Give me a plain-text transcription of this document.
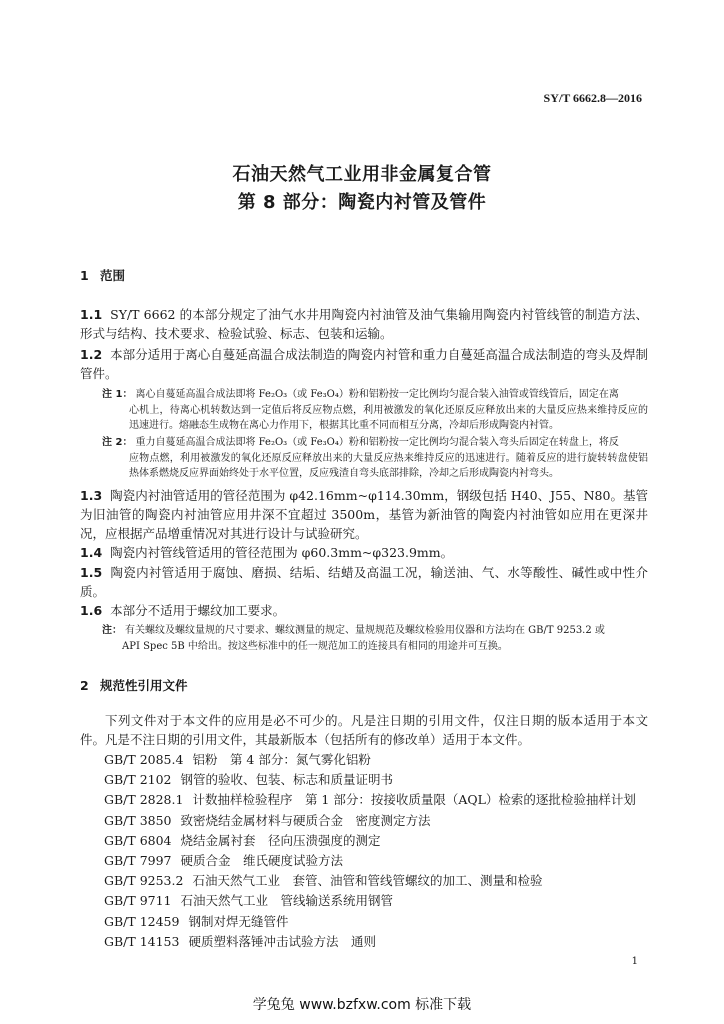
SY/T 6662.8—2016
石油天然气工业用非金属复合管
第 8 部分：陶瓷内衬管及管件
1 范围
1.1 SY/T 6662 的本部分规定了油气水井用陶瓷内衬油管及油气集输用陶瓷内衬管线管的制造方法、形式与结构、技术要求、检验试验、标志、包装和运输。
1.2 本部分适用于离心自蔓延高温合成法制造的陶瓷内衬管和重力自蔓延高温合成法制造的弯头及焊制管件。
注 1： 离心自蔓延高温合成法即将 Fe₂O₃（或 Fe₃O₄）粉和铝粉按一定比例均匀混合装入油管或管线管后，固定在离
心机上，待离心机转数达到一定值后将反应物点燃，利用被激发的氧化还原反应释放出来的大量反应热来维持反应的迅速进行。熔融态生成物在离心力作用下，根据其比重不同而相互分离，冷却后形成陶瓷内衬管。
注 2： 重力自蔓延高温合成法即将 Fe₂O₃（或 Fe₃O₄）粉和铝粉按一定比例均匀混合装入弯头后固定在转盘上，将反
应物点燃，利用被激发的氧化还原反应释放出来的大量反应热来维持反应的迅速进行。随着反应的进行旋转转盘使铝热体系燃烧反应界面始终处于水平位置，反应残渣自弯头底部排除，冷却之后形成陶瓷内衬弯头。
1.3 陶瓷内衬油管适用的管径范围为 φ42.16mm~φ114.30mm，钢级包括 H40、J55、N80。基管为旧油管的陶瓷内衬油管应用井深不宜超过 3500m，基管为新油管的陶瓷内衬油管如应用在更深井况，应根据产品增重情况对其进行设计与试验研究。
1.4 陶瓷内衬管线管适用的管径范围为 φ60.3mm~φ323.9mm。
1.5 陶瓷内衬管适用于腐蚀、磨损、结垢、结蜡及高温工况，输送油、气、水等酸性、碱性或中性介质。
1.6 本部分不适用于螺纹加工要求。
注： 有关螺纹及螺纹量规的尺寸要求、螺纹测量的规定、量规规范及螺纹检验用仪器和方法均在 GB/T 9253.2 或
API Spec 5B 中给出。按这些标准中的任一规范加工的连接具有相同的用途并可互换。
2 规范性引用文件
下列文件对于本文件的应用是必不可少的。凡是注日期的引用文件，仅注日期的版本适用于本文件。凡是不注日期的引用文件，其最新版本（包括所有的修改单）适用于本文件。
GB/T 2085.4 铝粉　第 4 部分：氮气雾化铝粉
GB/T 2102 钢管的验收、包装、标志和质量证明书
GB/T 2828.1 计数抽样检验程序　第 1 部分：按接收质量限（AQL）检索的逐批检验抽样计划
GB/T 3850 致密烧结金属材料与硬质合金　密度测定方法
GB/T 6804 烧结金属衬套　径向压溃强度的测定
GB/T 7997 硬质合金　维氏硬度试验方法
GB/T 9253.2 石油天然气工业　套管、油管和管线管螺纹的加工、测量和检验
GB/T 9711 石油天然气工业　管线输送系统用钢管
GB/T 12459 钢制对焊无缝管件
GB/T 14153 硬质塑料落锤冲击试验方法　通则
1
学兔兔 www.bzfxw.com 标准下载
